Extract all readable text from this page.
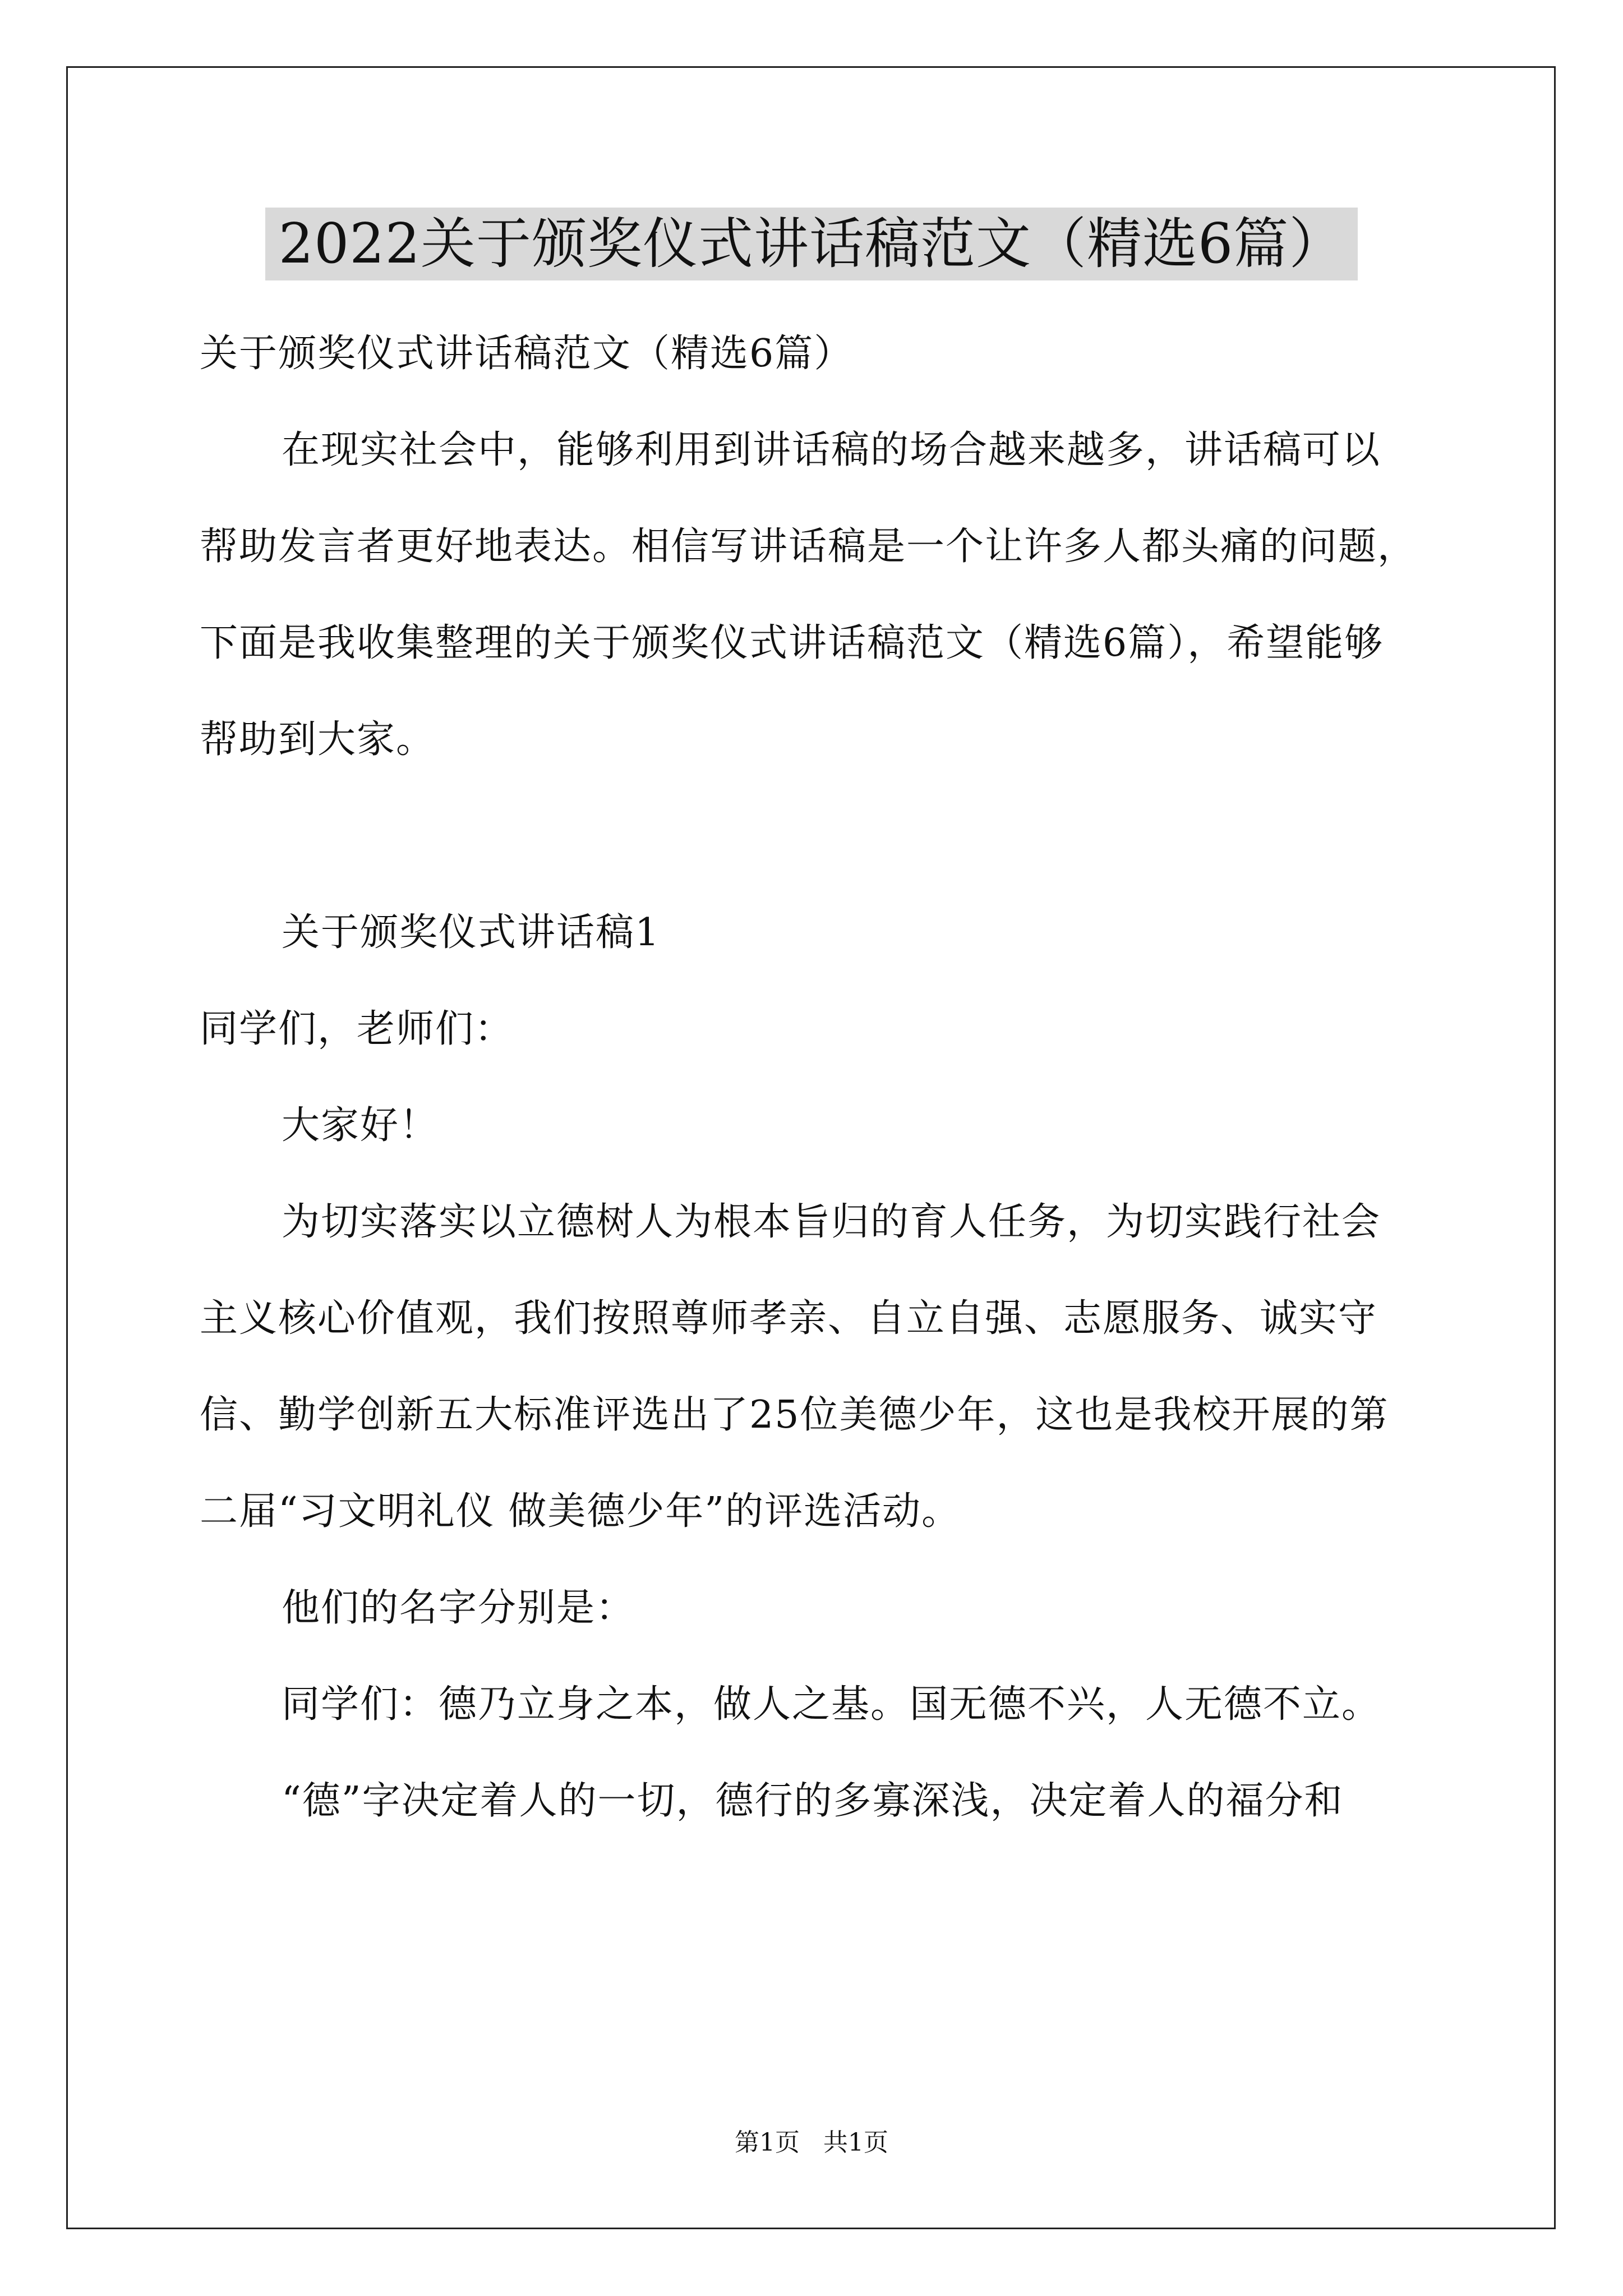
2022关于颁奖仪式讲话稿范文（精选6篇）

关于颁奖仪式讲话稿范文（精选6篇）

在现实社会中，能够利用到讲话稿的场合越来越多，讲话稿可以

帮助发言者更好地表达。相信写讲话稿是一个让许多人都头痛的问题，

下面是我收集整理的关于颁奖仪式讲话稿范文（精选6篇），希望能够

帮助到大家。

关于颁奖仪式讲话稿1

同学们，老师们：

大家好！

为切实落实以立德树人为根本旨归的育人任务，为切实践行社会

主义核心价值观，我们按照尊师孝亲、自立自强、志愿服务、诚实守

信、勤学创新五大标准评选出了25位美德少年，这也是我校开展的第

二届“习文明礼仪 做美德少年”的评选活动。

他们的名字分别是：

同学们：德乃立身之本，做人之基。国无德不兴，人无德不立。

“德”字决定着人的一切，德行的多寡深浅，决定着人的福分和

第1页   共1页
